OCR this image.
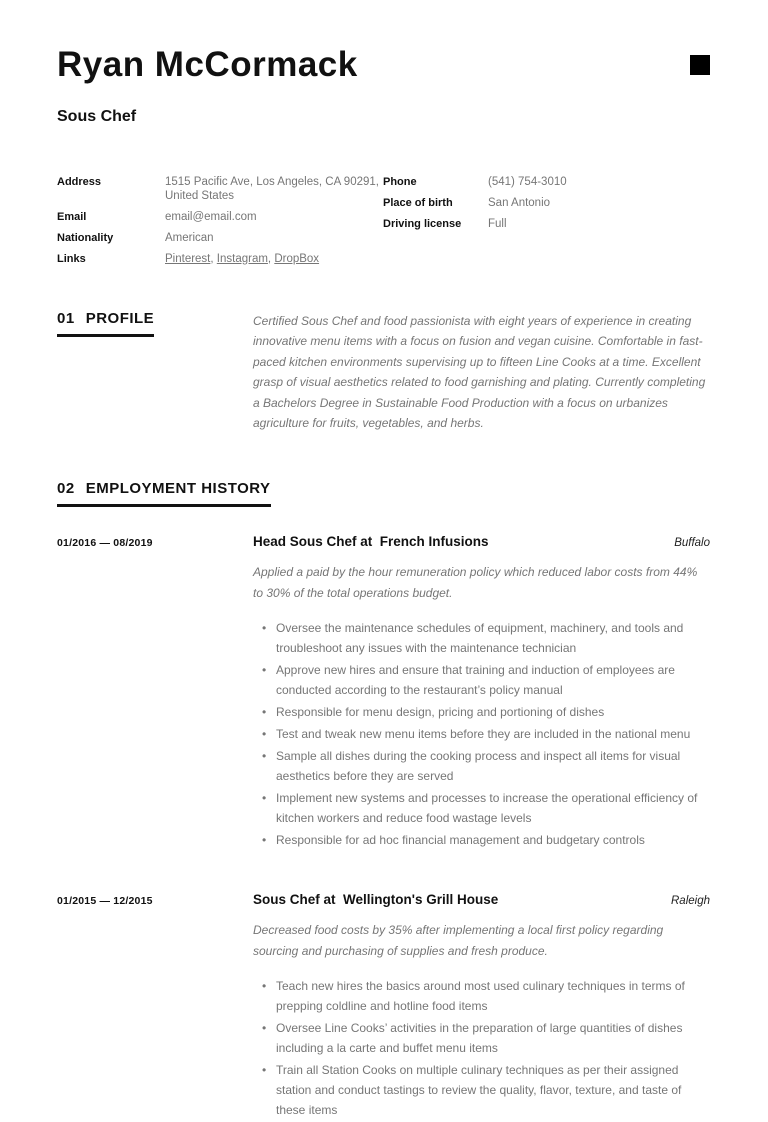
Ryan McCormack
Sous Chef
Address	1515 Pacific Ave, Los Angeles, CA 90291, United States
Email	email@email.com
Nationality	American
Links	Pinterest, Instagram, DropBox
Phone	(541) 754-3010
Place of birth	San Antonio
Driving license	Full
01 PROFILE	Certified Sous Chef and food passionista with eight years of experience in creating innovative menu items with a focus on fusion and vegan cuisine. Comfortable in fast-paced kitchen environments supervising up to fifteen Line Cooks at a time. Excellent grasp of visual aesthetics related to food garnishing and plating. Currently completing a Bachelors Degree in Sustainable Food Production with a focus on urbanizes agriculture for fruits, vegetables, and herbs.
02 EMPLOYMENT HISTORY
01/2016 — 08/2019	Head Sous Chef at  French Infusions	Buffalo
Applied a paid by the hour remuneration policy which reduced labor costs from 44% to 30% of the total operations budget.
• Oversee the maintenance schedules of equipment, machinery, and tools and troubleshoot any issues with the maintenance technician
• Approve new hires and ensure that training and induction of employees are conducted according to the restaurant’s policy manual
• Responsible for menu design, pricing and portioning of dishes
• Test and tweak new menu items before they are included in the national menu
• Sample all dishes during the cooking process and inspect all items for visual aesthetics before they are served
• Implement new systems and processes to increase the operational efficiency of kitchen workers and reduce food wastage levels
• Responsible for ad hoc financial management and budgetary controls
01/2015 — 12/2015	Sous Chef at  Wellington's Grill House	Raleigh
Decreased food costs by 35% after implementing a local first policy regarding sourcing and purchasing of supplies and fresh produce.
• Teach new hires the basics around most used culinary techniques in terms of prepping coldline and hotline food items
• Oversee Line Cooks’ activities in the preparation of large quantities of dishes including a la carte and buffet menu items
• Train all Station Cooks on multiple culinary techniques as per their assigned station and conduct tastings to review the quality, flavor, texture, and taste of these items
